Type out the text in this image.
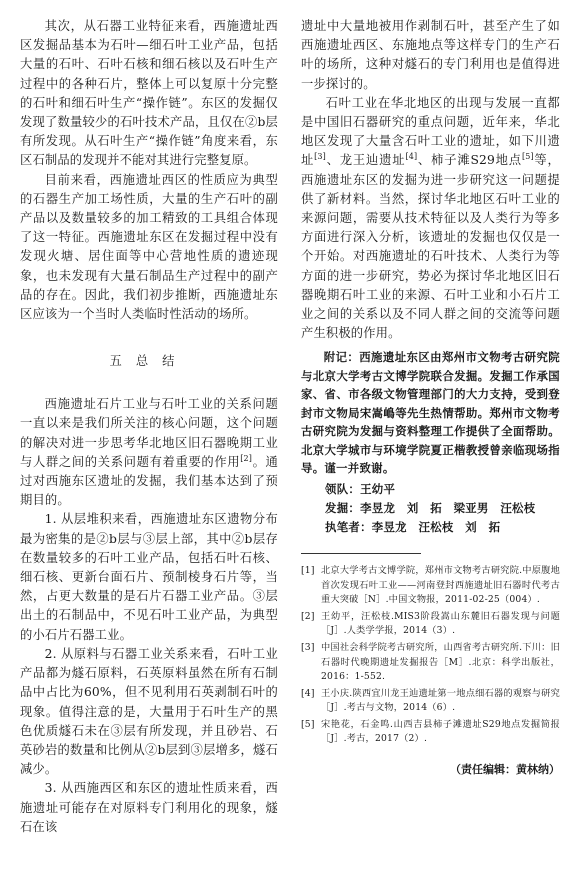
其次，从石器工业特征来看，西施遗址西区发掘品基本为石叶—细石叶工业产品，包括大量的石叶、石叶石核和细石核以及石叶生产过程中的各种石片，整体上可以复原十分完整的石叶和细石叶生产“操作链”。东区的发掘仅发现了数量较少的石叶技术产品，且仅在②b层有所发现。从石叶生产“操作链”角度来看，东区石制品的发现并不能对其进行完整复原。

目前来看，西施遗址西区的性质应为典型的石器生产加工场性质，大量的生产石叶的副产品以及数量较多的加工精致的工具组合体现了这一特征。西施遗址东区在发掘过程中没有发现火塘、居住面等中心营地性质的遗迹现象，也未发现有大量石制品生产过程中的副产品的存在。因此，我们初步推断，西施遗址东区应该为一个当时人类临时性活动的场所。

五总结

西施遗址石片工业与石叶工业的关系问题一直以来是我们所关注的核心问题，这个问题的解决对进一步思考华北地区旧石器晚期工业与人群之间的关系问题有着重要的作用[2]。通过对西施东区遗址的发掘，我们基本达到了预期目的。

1. 从层堆积来看，西施遗址东区遗物分布最为密集的是②b层与③层上部，其中②b层存在数量较多的石叶工业产品，包括石叶石核、细石核、更新台面石片、预制棱身石片等，当然，占更大数量的是石片石器工业产品。③层出土的石制品中，不见石叶工业产品，为典型的小石片石器工业。

2. 从原料与石器工业关系来看，石叶工业产品都为燧石原料，石英原料虽然在所有石制品中占比为60%，但不见利用石英剥制石叶的现象。值得注意的是，大量用于石叶生产的黑色优质燧石未在③层有所发现，并且砂岩、石英砂岩的数量和比例从②b层到③层增多，燧石减少。

3. 从西施西区和东区的遗址性质来看，西施遗址可能存在对原料专门利用化的现象，燧石在该

遗址中大量地被用作剥制石叶，甚至产生了如西施遗址西区、东施地点等这样专门的生产石叶的场所，这种对燧石的专门利用也是值得进一步探讨的。

石叶工业在华北地区的出现与发展一直都是中国旧石器研究的重点问题，近年来，华北地区发现了大量含石叶工业的遗址，如下川遗址[3]、龙王辿遗址[4]、柿子滩S29地点[5]等，西施遗址东区的发掘为进一步研究这一问题提供了新材料。当然，探讨华北地区石叶工业的来源问题，需要从技术特征以及人类行为等多方面进行深入分析，该遗址的发掘也仅仅是一个开始。对西施遗址的石叶技术、人类行为等方面的进一步研究，势必为探讨华北地区旧石器晚期石叶工业的来源、石叶工业和小石片工业之间的关系以及不同人群之间的交流等问题产生积极的作用。

附记：西施遗址东区由郑州市文物考古研究院与北京大学考古文博学院联合发掘。发掘工作承国家、省、市各级文物管理部门的大力支持，受到登封市文物局宋嵩嶋等先生热情帮助。郑州市文物考古研究院为发掘与资料整理工作提供了全面帮助。北京大学城市与环境学院夏正楷教授曾亲临现场指导。谨一并致谢。

领队：王幼平

发掘：李昱龙　刘　拓　梁亚男　汪松枝

执笔者：李昱龙　汪松枝　刘　拓

[1] 北京大学考古文博学院，郑州市文物考古研究院.中原腹地首次发现石叶工业——河南登封西施遗址旧石器时代考古重大突破［N］.中国文物报，2011-02-25（004）.
[2] 王幼平，汪松枝.MIS3阶段嵩山东麓旧石器发现与问题［J］.人类学学报，2014（3）.
[3] 中国社会科学院考古研究所，山西省考古研究所.下川：旧石器时代晚期遗址发掘报告［M］.北京：科学出版社，2016：1-552.
[4] 王小庆.陕西宜川龙王辿遗址第一地点细石器的观察与研究［J］.考古与文物，2014（6）.
[5] 宋艳花，石金鸣.山西吉县柿子滩遗址S29地点发掘简报［J］.考古，2017（2）.

（责任编辑：黄林纳）
